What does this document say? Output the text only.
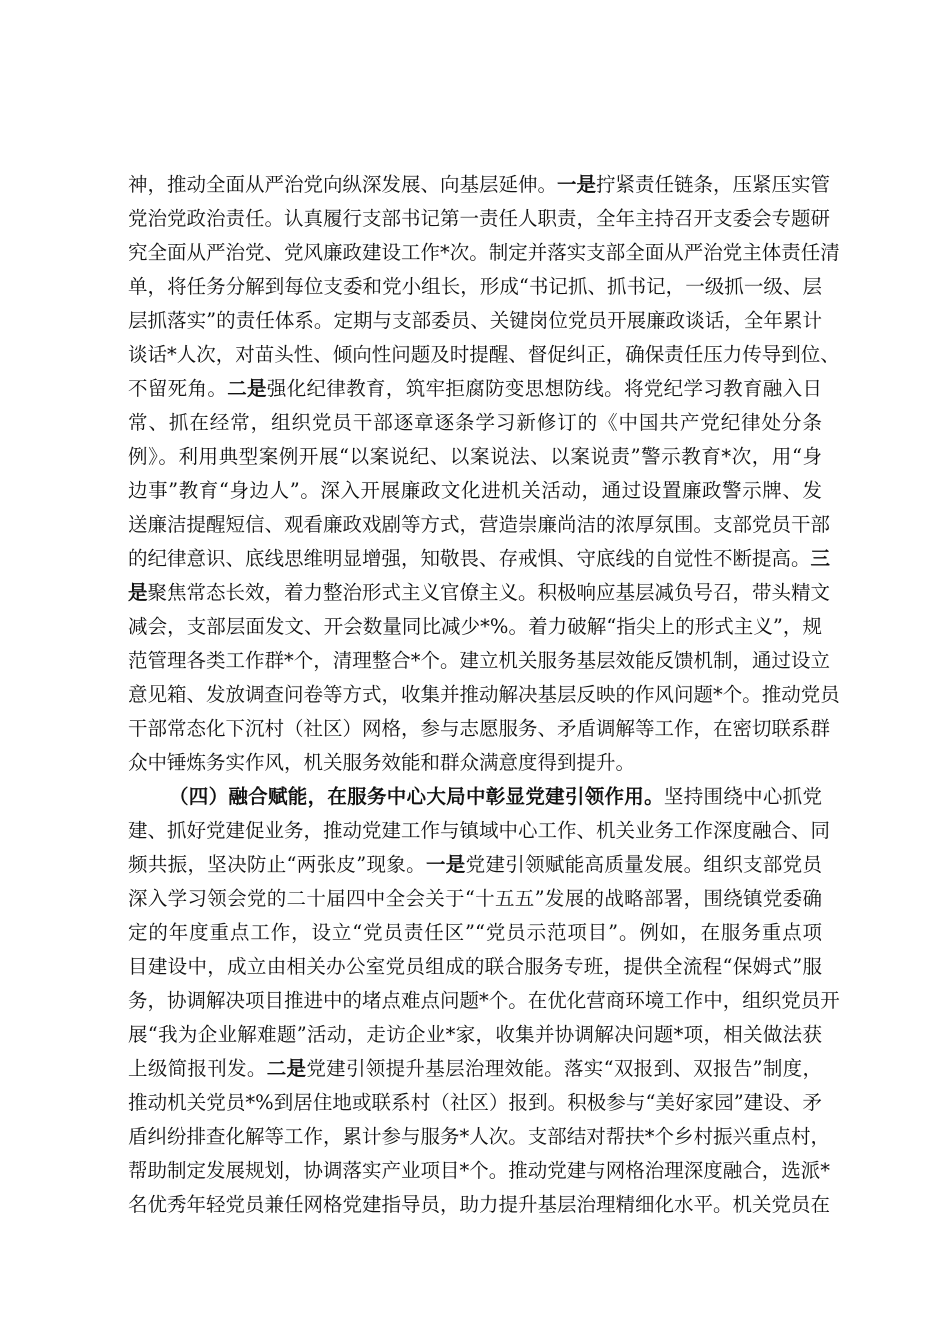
神，推动全面从严治党向纵深发展、向基层延伸。一是拧紧责任链条，压紧压实管
党治党政治责任。认真履行支部书记第一责任人职责，全年主持召开支委会专题研
究全面从严治党、党风廉政建设工作*次。制定并落实支部全面从严治党主体责任清
单，将任务分解到每位支委和党小组长，形成“书记抓、抓书记，一级抓一级、层
层抓落实”的责任体系。定期与支部委员、关键岗位党员开展廉政谈话，全年累计
谈话*人次，对苗头性、倾向性问题及时提醒、督促纠正，确保责任压力传导到位、
不留死角。二是强化纪律教育，筑牢拒腐防变思想防线。将党纪学习教育融入日
常、抓在经常，组织党员干部逐章逐条学习新修订的《中国共产党纪律处分条
例》。利用典型案例开展“以案说纪、以案说法、以案说责”警示教育*次，用“身
边事”教育“身边人”。深入开展廉政文化进机关活动，通过设置廉政警示牌、发
送廉洁提醒短信、观看廉政戏剧等方式，营造崇廉尚洁的浓厚氛围。支部党员干部
的纪律意识、底线思维明显增强，知敬畏、存戒惧、守底线的自觉性不断提高。三
是聚焦常态长效，着力整治形式主义官僚主义。积极响应基层减负号召，带头精文
减会，支部层面发文、开会数量同比减少*%。着力破解“指尖上的形式主义”，规
范管理各类工作群*个，清理整合*个。建立机关服务基层效能反馈机制，通过设立
意见箱、发放调查问卷等方式，收集并推动解决基层反映的作风问题*个。推动党员
干部常态化下沉村（社区）网格，参与志愿服务、矛盾调解等工作，在密切联系群
众中锤炼务实作风，机关服务效能和群众满意度得到提升。
（四）融合赋能，在服务中心大局中彰显党建引领作用。坚持围绕中心抓党
建、抓好党建促业务，推动党建工作与镇域中心工作、机关业务工作深度融合、同
频共振，坚决防止“两张皮”现象。一是党建引领赋能高质量发展。组织支部党员
深入学习领会党的二十届四中全会关于“十五五”发展的战略部署，围绕镇党委确
定的年度重点工作，设立“党员责任区”“党员示范项目”。例如，在服务重点项
目建设中，成立由相关办公室党员组成的联合服务专班，提供全流程“保姆式”服
务，协调解决项目推进中的堵点难点问题*个。在优化营商环境工作中，组织党员开
展“我为企业解难题”活动，走访企业*家，收集并协调解决问题*项，相关做法获
上级简报刊发。二是党建引领提升基层治理效能。落实“双报到、双报告”制度，
推动机关党员*%到居住地或联系村（社区）报到。积极参与“美好家园”建设、矛
盾纠纷排查化解等工作，累计参与服务*人次。支部结对帮扶*个乡村振兴重点村，
帮助制定发展规划，协调落实产业项目*个。推动党建与网格治理深度融合，选派*
名优秀年轻党员兼任网格党建指导员，助力提升基层治理精细化水平。机关党员在
